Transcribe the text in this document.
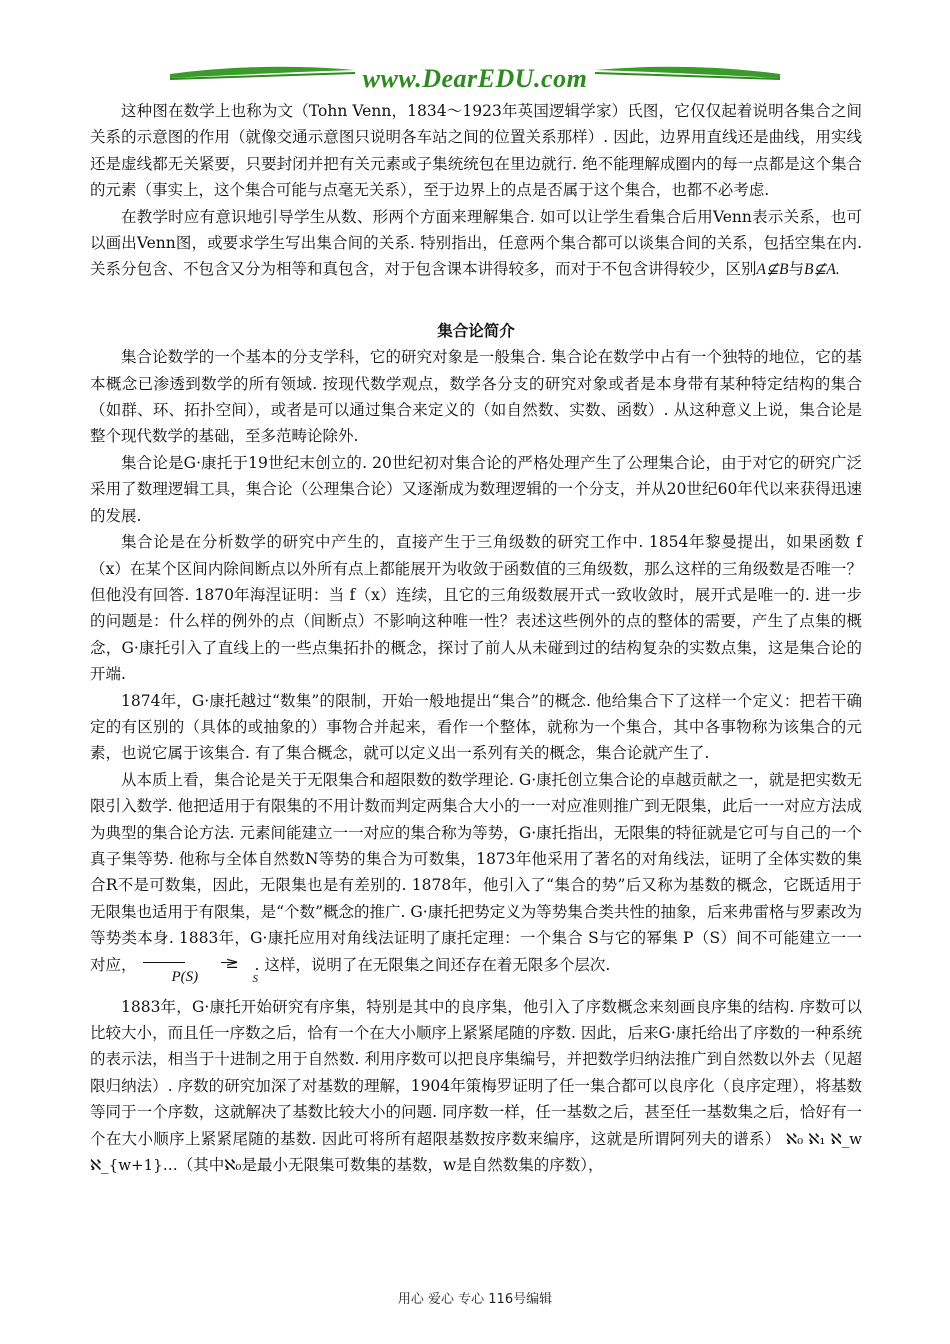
www.DearEDU.com

这种图在数学上也称为文（Tohn Venn，1834～1923年英国逻辑学家）氏图，它仅仅起着说明各集合之间关系的示意图的作用（就像交通示意图只说明各车站之间的位置关系那样）. 因此，边界用直线还是曲线，用实线还是虚线都无关紧要，只要封闭并把有关元素或子集统统包在里边就行. 绝不能理解成圈内的每一点都是这个集合的元素（事实上，这个集合可能与点毫无关系），至于边界上的点是否属于这个集合，也都不必考虑.

在教学时应有意识地引导学生从数、形两个方面来理解集合. 如可以让学生看集合后用Venn表示关系，也可以画出Venn图，或要求学生写出集合间的关系. 特别指出，任意两个集合都可以谈集合间的关系，包括空集在内. 关系分包含、不包含又分为相等和真包含，对于包含课本讲得较多，而对于不包含讲得较少，区别A⊈B与B⊈A.

集合论简介

集合论数学的一个基本的分支学科，它的研究对象是一般集合. 集合论在数学中占有一个独特的地位，它的基本概念已渗透到数学的所有领域. 按现代数学观点，数学各分支的研究对象或者是本身带有某种特定结构的集合（如群、环、拓扑空间），或者是可以通过集合来定义的（如自然数、实数、函数）. 从这种意义上说，集合论是整个现代数学的基础，至多范畴论除外.

集合论是G·康托于19世纪末创立的. 20世纪初对集合论的严格处理产生了公理集合论，由于对它的研究广泛采用了数理逻辑工具，集合论（公理集合论）又逐渐成为数理逻辑的一个分支，并从20世纪60年代以来获得迅速的发展.

集合论是在分析数学的研究中产生的，直接产生于三角级数的研究工作中. 1854年黎曼提出，如果函数 f（x）在某个区间内除间断点以外所有点上都能展开为收敛于函数值的三角级数，那么这样的三角级数是否唯一？但他没有回答. 1870年海涅证明：当 f（x）连续，且它的三角级数展开式一致收敛时，展开式是唯一的. 进一步的问题是：什么样的例外的点（间断点）不影响这种唯一性？表述这些例外的点的整体的需要，产生了点集的概念，G·康托引入了直线上的一些点集拓扑的概念，探讨了前人从未碰到过的结构复杂的实数点集，这是集合论的开端.

1874年，G·康托越过“数集”的限制，开始一般地提出“集合”的概念. 他给集合下了这样一个定义：把若干确定的有区别的（具体的或抽象的）事物合并起来，看作一个整体，就称为一个集合，其中各事物称为该集合的元素，也说它属于该集合. 有了集合概念，就可以定义出一系列有关的概念，集合论就产生了.

从本质上看，集合论是关于无限集合和超限数的数学理论. G·康托创立集合论的卓越贡献之一，就是把实数无限引入数学. 他把适用于有限集的不用计数而判定两集合大小的一一对应准则推广到无限集，此后一一对应方法成为典型的集合论方法. 元素间能建立一一对应的集合称为等势，G·康托指出，无限集的特征就是它可与自己的一个真子集等势. 他称与全体自然数N等势的集合为可数集，1873年他采用了著名的对角线法，证明了全体实数的集合R不是可数集，因此，无限集也是有差别的. 1878年，他引入了“集合的势”后又称为基数的概念，它既适用于无限集也适用于有限集，是“个数”概念的推广. G·康托把势定义为等势集合类共性的抽象，后来弗雷格与罗素改为等势类本身. 1883年，G·康托应用对角线法证明了康托定理：一个集合 S与它的幂集 P（S）间不可能建立一一对应，
P(S)
≥
S
. 这样，说明了在无限集之间还存在着无限多个层次.

1883年，G·康托开始研究有序集，特别是其中的良序集，他引入了序数概念来刻画良序集的结构. 序数可以比较大小，而且任一序数之后，恰有一个在大小顺序上紧紧尾随的序数. 因此，后来G·康托给出了序数的一种系统的表示法，相当于十进制之用于自然数. 利用序数可以把良序集编号，并把数学归纳法推广到自然数以外去（见超限归纳法）. 序数的研究加深了对基数的理解，1904年策梅罗证明了任一集合都可以良序化（良序定理），将基数等同于一个序数，这就解决了基数比较大小的问题. 同序数一样，任一基数之后，甚至任一基数集之后，恰好有一个在大小顺序上紧紧尾随的基数. 因此可将所有超限基数按序数来编序，这就是所谓阿列夫的谱系） ℵ₀ ℵ₁ ℵ_w ℵ_{w+1}…（其中ℵ₀是最小无限集可数集的基数，w是自然数集的序数），

用心 爱心 专心 116号编辑
